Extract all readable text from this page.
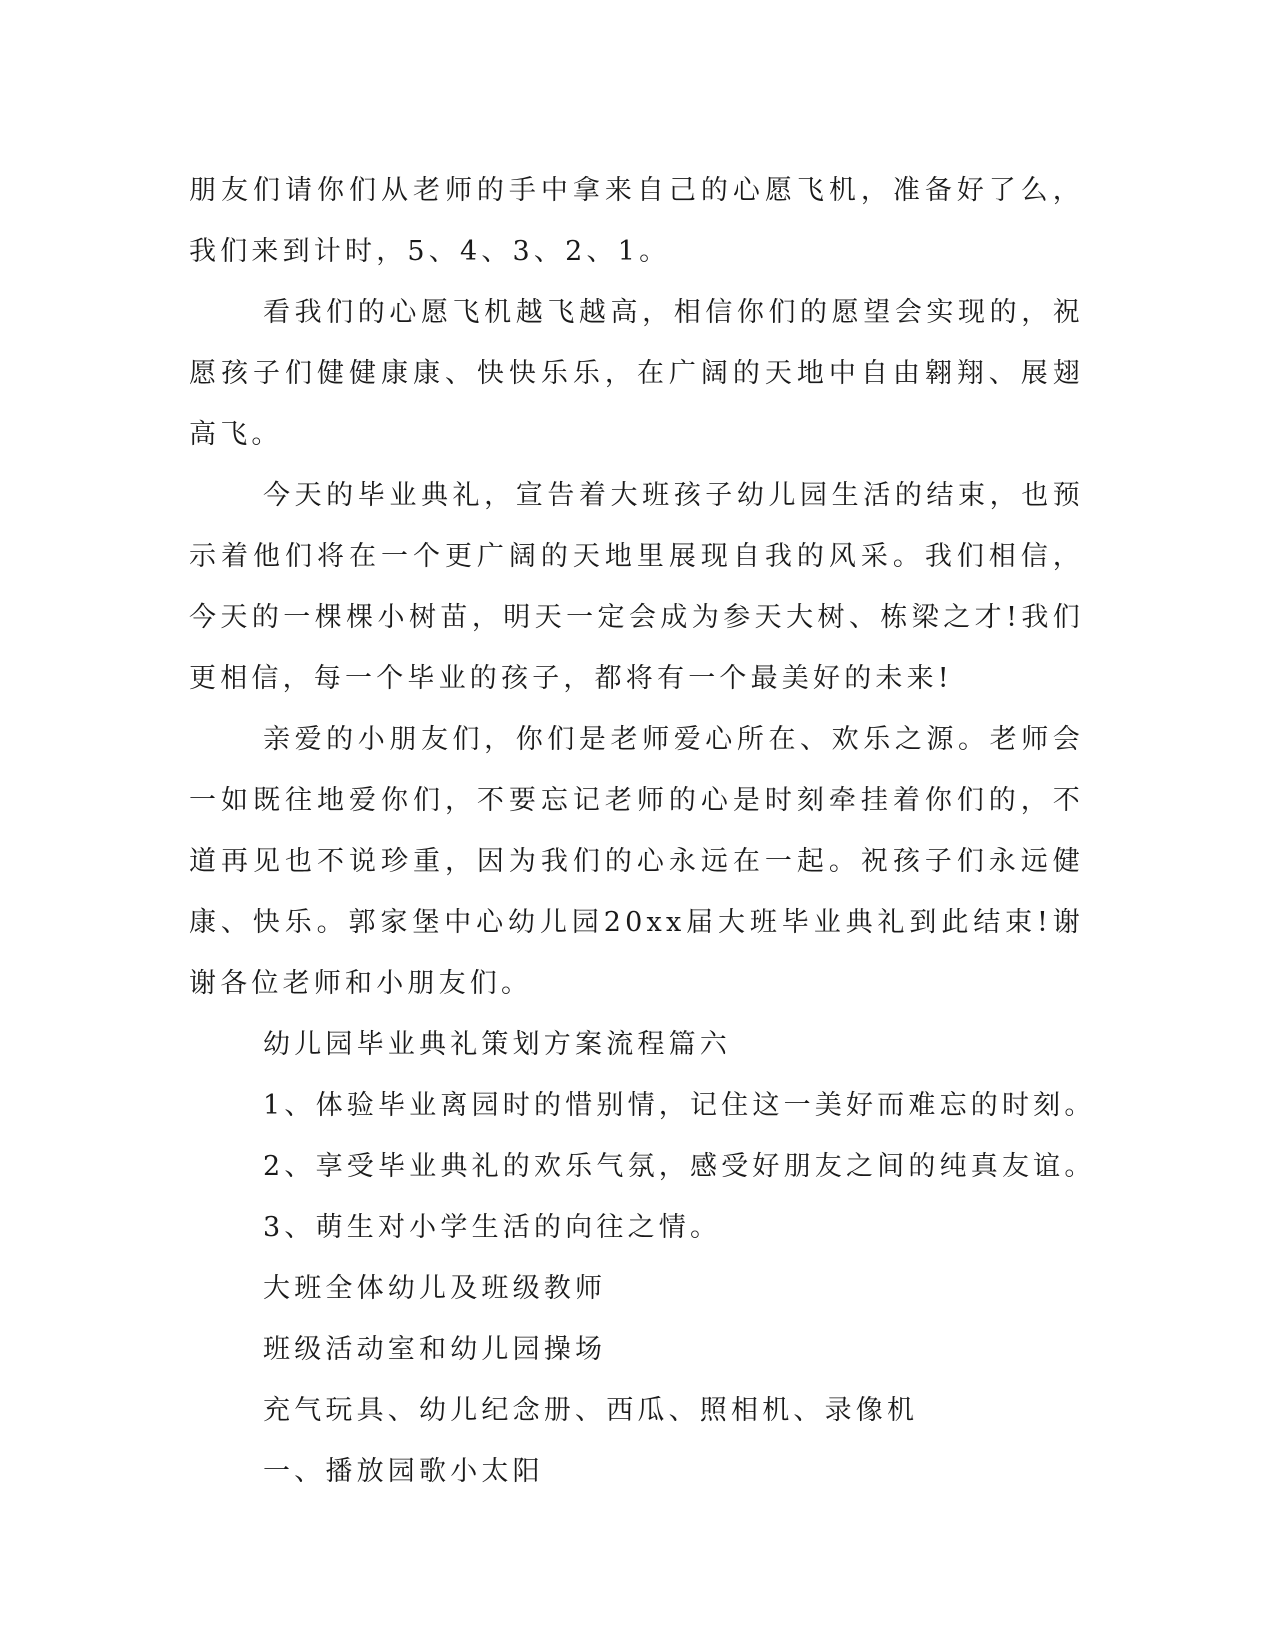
朋友们请你们从老师的手中拿来自己的心愿飞机，准备好了么，我们来到计时，5、4、3、2、1。

看我们的心愿飞机越飞越高，相信你们的愿望会实现的，祝愿孩子们健健康康、快快乐乐，在广阔的天地中自由翱翔、展翅高飞。

今天的毕业典礼，宣告着大班孩子幼儿园生活的结束，也预示着他们将在一个更广阔的天地里展现自我的风采。我们相信，今天的一棵棵小树苗，明天一定会成为参天大树、栋梁之才!我们更相信，每一个毕业的孩子，都将有一个最美好的未来!

亲爱的小朋友们，你们是老师爱心所在、欢乐之源。老师会一如既往地爱你们，不要忘记老师的心是时刻牵挂着你们的，不道再见也不说珍重，因为我们的心永远在一起。祝孩子们永远健康、快乐。郭家堡中心幼儿园20xx届大班毕业典礼到此结束!谢谢各位老师和小朋友们。

幼儿园毕业典礼策划方案流程篇六

1、体验毕业离园时的惜别情，记住这一美好而难忘的时刻。

2、享受毕业典礼的欢乐气氛，感受好朋友之间的纯真友谊。

3、萌生对小学生活的向往之情。

大班全体幼儿及班级教师

班级活动室和幼儿园操场

充气玩具、幼儿纪念册、西瓜、照相机、录像机

一、播放园歌小太阳
